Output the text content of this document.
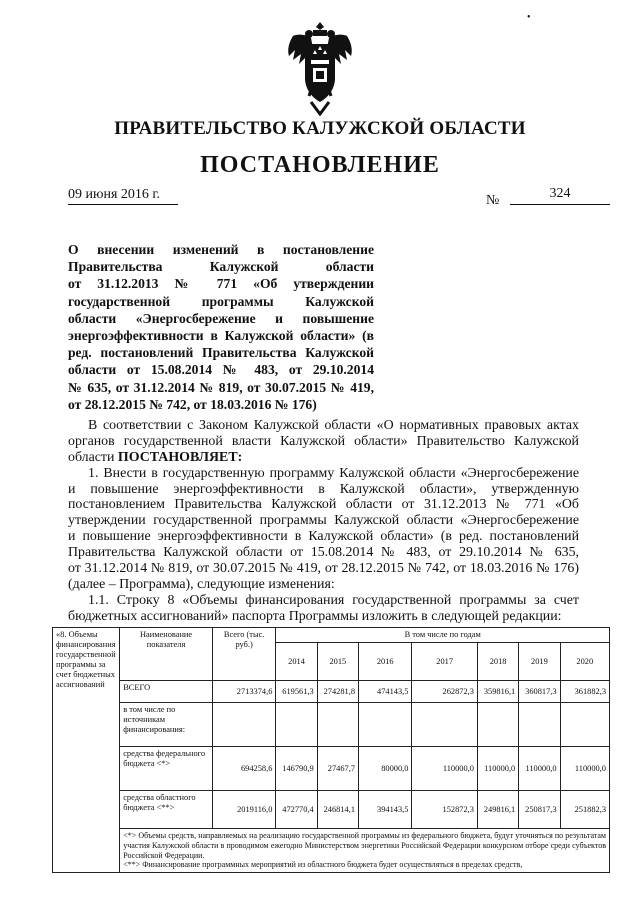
•
ПРАВИТЕЛЬСТВО КАЛУЖСКОЙ ОБЛАСТИ
ПОСТАНОВЛЕНИЕ
09 июня 2016 г.	№	324
О внесении изменений в постановление
Правительства Калужской области
от 31.12.2013 № 771 «Об утверждении
государственной программы Калужской
области «Энергосбережение и повышение
энергоэффективности в Калужской области» (в
ред. постановлений Правительства Калужской
области от 15.08.2014 № 483, от 29.10.2014
№ 635, от 31.12.2014 № 819, от 30.07.2015 № 419,
от 28.12.2015 № 742, от 18.03.2016 № 176)
В соответствии с Законом Калужской области «О нормативных правовых актах
органов государственной власти Калужской области» Правительство Калужской
области ПОСТАНОВЛЯЕТ:
1. Внести в государственную программу Калужской области «Энергосбережение
и повышение энергоэффективности в Калужской области», утвержденную
постановлением Правительства Калужской области от 31.12.2013 № 771 «Об
утверждении государственной программы Калужской области «Энергосбережение
и повышение энергоэффективности в Калужской области» (в ред. постановлений
Правительства Калужской области от 15.08.2014 № 483, от 29.10.2014 № 635,
от 31.12.2014 № 819, от 30.07.2015 № 419, от 28.12.2015 № 742, от 18.03.2016 № 176)
(далее – Программа), следующие изменения:
1.1. Строку 8 «Объемы финансирования государственной программы за счет
бюджетных ассигнований» паспорта Программы изложить в следующей редакции:
«8. Объемы финансирования государственной программы за счет бюджетных ассигнований	Наименование показателя	Всего (тыс. руб.)	В том числе по годам						
			2014	2015	2016	2017	2018	2019	2020
	ВСЕГО	2713374,6	619561,3	274281,8	474143,5	262872,3	359816,1	360817,3	361882,3
	в том числе по источникам финансирования:								
	средства федерального бюджета <*>	694258,6	146790,9	27467,7	80000,0	110000,0	110000,0	110000,0	110000,0
	средства областного бюджета <**>	2019116,0	472770,4	246814,1	394143,5	152872,3	249816,1	250817,3	251882,3

	<*> Объемы средств, направляемых на реализацию государственной программы из федерального бюджета, будут уточняться по результатам участия Калужской области в проводимом ежегодно Министерством энергетики Российской Федерации конкурсном отборе среди субъектов Российской Федерации.
<**> Финансирование программных мероприятий из областного бюджета будет осуществляться в пределах средств,								
